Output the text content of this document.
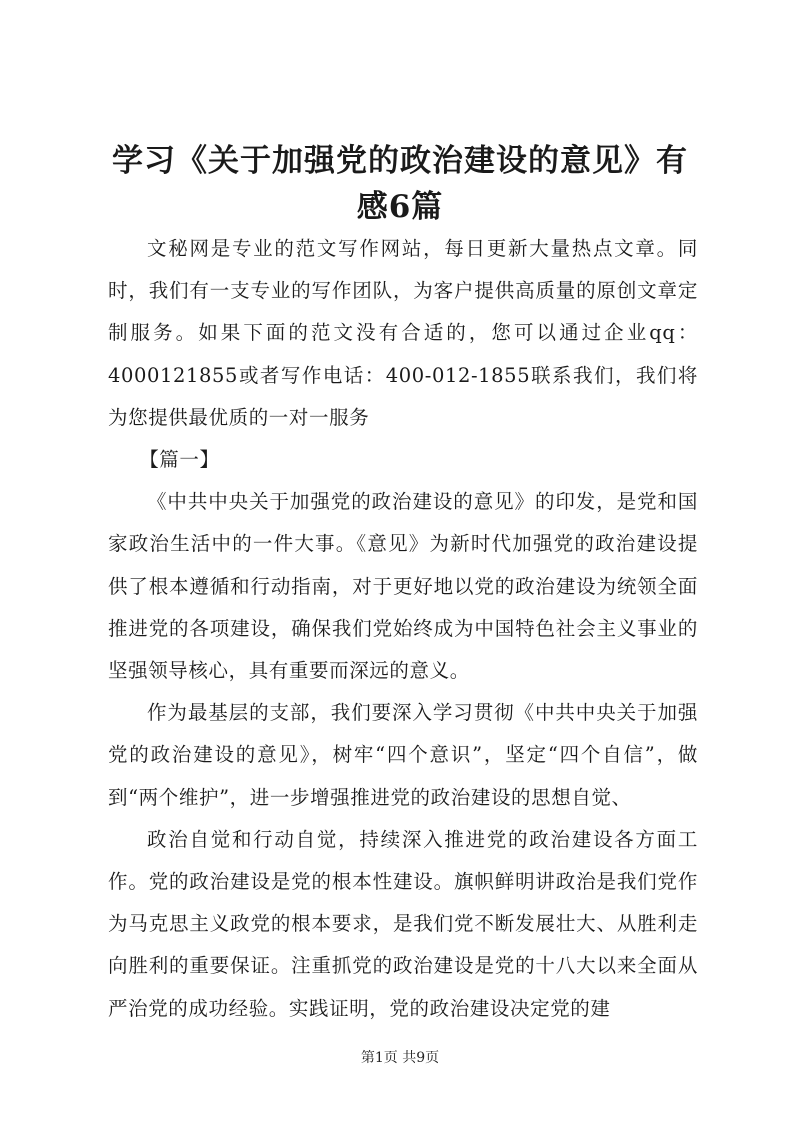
学习《关于加强党的政治建设的意见》有感6篇

文秘网是专业的范文写作网站，每日更新大量热点文章。同时，我们有一支专业的写作团队，为客户提供高质量的原创文章定制服务。如果下面的范文没有合适的，您可以通过企业qq：4000121855或者写作电话：400-012-1855联系我们，我们将为您提供最优质的一对一服务

【篇一】

《中共中央关于加强党的政治建设的意见》的印发，是党和国家政治生活中的一件大事。《意见》为新时代加强党的政治建设提供了根本遵循和行动指南，对于更好地以党的政治建设为统领全面推进党的各项建设，确保我们党始终成为中国特色社会主义事业的坚强领导核心，具有重要而深远的意义。

作为最基层的支部，我们要深入学习贯彻《中共中央关于加强党的政治建设的意见》，树牢“四个意识”，坚定“四个自信”，做到“两个维护”，进一步增强推进党的政治建设的思想自觉、

政治自觉和行动自觉，持续深入推进党的政治建设各方面工作。党的政治建设是党的根本性建设。旗帜鲜明讲政治是我们党作为马克思主义政党的根本要求，是我们党不断发展壮大、从胜利走向胜利的重要保证。注重抓党的政治建设是党的十八大以来全面从严治党的成功经验。实践证明，党的政治建设决定党的建

第1页 共9页
